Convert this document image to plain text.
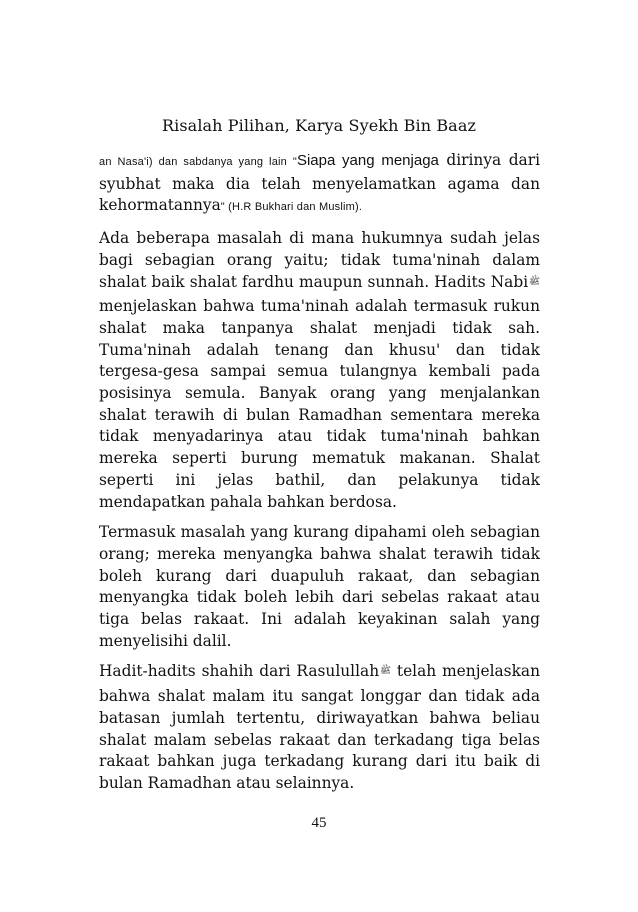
Risalah Pilihan, Karya Syekh Bin Baaz

an Nasa'i) dan sabdanya yang lain "Siapa yang menjaga dirinya dari syubhat maka dia telah menyelamatkan agama dan kehormatannya" (H.R Bukhari dan Muslim).

Ada beberapa masalah di mana hukumnya sudah jelas bagi sebagian orang yaitu; tidak tuma'ninah dalam shalat baik shalat fardhu maupun sunnah. Hadits Nabiﷺ menjelaskan bahwa tuma'ninah adalah termasuk rukun shalat maka tanpanya shalat menjadi tidak sah. Tuma'ninah adalah tenang dan khusu' dan tidak tergesa-gesa sampai semua tulangnya kembali pada posisinya semula. Banyak orang yang menjalankan shalat terawih di bulan Ramadhan sementara mereka tidak menyadarinya atau tidak tuma'ninah bahkan mereka seperti burung mematuk makanan. Shalat seperti ini jelas bathil, dan pelakunya tidak mendapatkan pahala bahkan berdosa.

Termasuk masalah yang kurang dipahami oleh sebagian orang; mereka menyangka bahwa shalat terawih tidak boleh kurang dari duapuluh rakaat, dan sebagian menyangka tidak boleh lebih dari sebelas rakaat atau tiga belas rakaat. Ini adalah keyakinan salah yang menyelisihi dalil.

Hadit-hadits shahih dari Rasulullahﷺ telah menjelaskan bahwa shalat malam itu sangat longgar dan tidak ada batasan jumlah tertentu, diriwayatkan bahwa beliau shalat malam sebelas rakaat dan terkadang tiga belas rakaat bahkan juga terkadang kurang dari itu baik di bulan Ramadhan atau selainnya.

45
